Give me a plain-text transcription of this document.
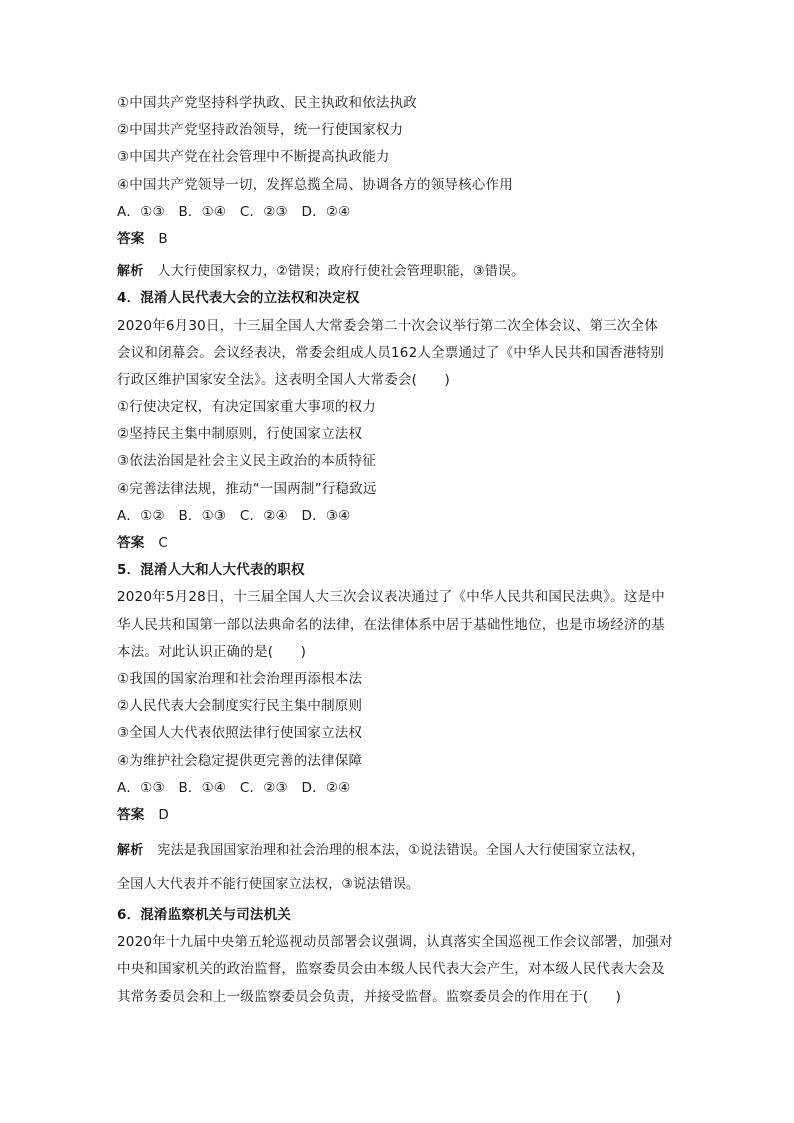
①中国共产党坚持科学执政、民主执政和依法执政
②中国共产党坚持政治领导，统一行使国家权力
③中国共产党在社会管理中不断提高执政能力
④中国共产党领导一切，发挥总揽全局、协调各方的领导核心作用
A．①③　B．①④　C．②③　D．②④
答案 B
解析 人大行使国家权力，②错误；政府行使社会管理职能，③错误。
4．混淆人民代表大会的立法权和决定权
2020年6月30日，十三届全国人大常委会第二十次会议举行第二次全体会议、第三次全体
会议和闭幕会。会议经表决，常委会组成人员162人全票通过了《中华人民共和国香港特别
行政区维护国家安全法》。这表明全国人大常委会(　　)
①行使决定权，有决定国家重大事项的权力
②坚持民主集中制原则，行使国家立法权
③依法治国是社会主义民主政治的本质特征
④完善法律法规，推动“一国两制”行稳致远
A．①②　B．①③　C．②④　D．③④
答案 C
5．混淆人大和人大代表的职权
2020年5月28日，十三届全国人大三次会议表决通过了《中华人民共和国民法典》。这是中
华人民共和国第一部以法典命名的法律，在法律体系中居于基础性地位，也是市场经济的基
本法。对此认识正确的是(　　)
①我国的国家治理和社会治理再添根本法
②人民代表大会制度实行民主集中制原则
③全国人大代表依照法律行使国家立法权
④为维护社会稳定提供更完善的法律保障
A．①③　B．①④　C．②③　D．②④
答案 D
解析 宪法是我国国家治理和社会治理的根本法，①说法错误。全国人大行使国家立法权，
全国人大代表并不能行使国家立法权，③说法错误。
6．混淆监察机关与司法机关
2020年十九届中央第五轮巡视动员部署会议强调，认真落实全国巡视工作会议部署，加强对
中央和国家机关的政治监督，监察委员会由本级人民代表大会产生，对本级人民代表大会及
其常务委员会和上一级监察委员会负责，并接受监督。监察委员会的作用在于(　　)
